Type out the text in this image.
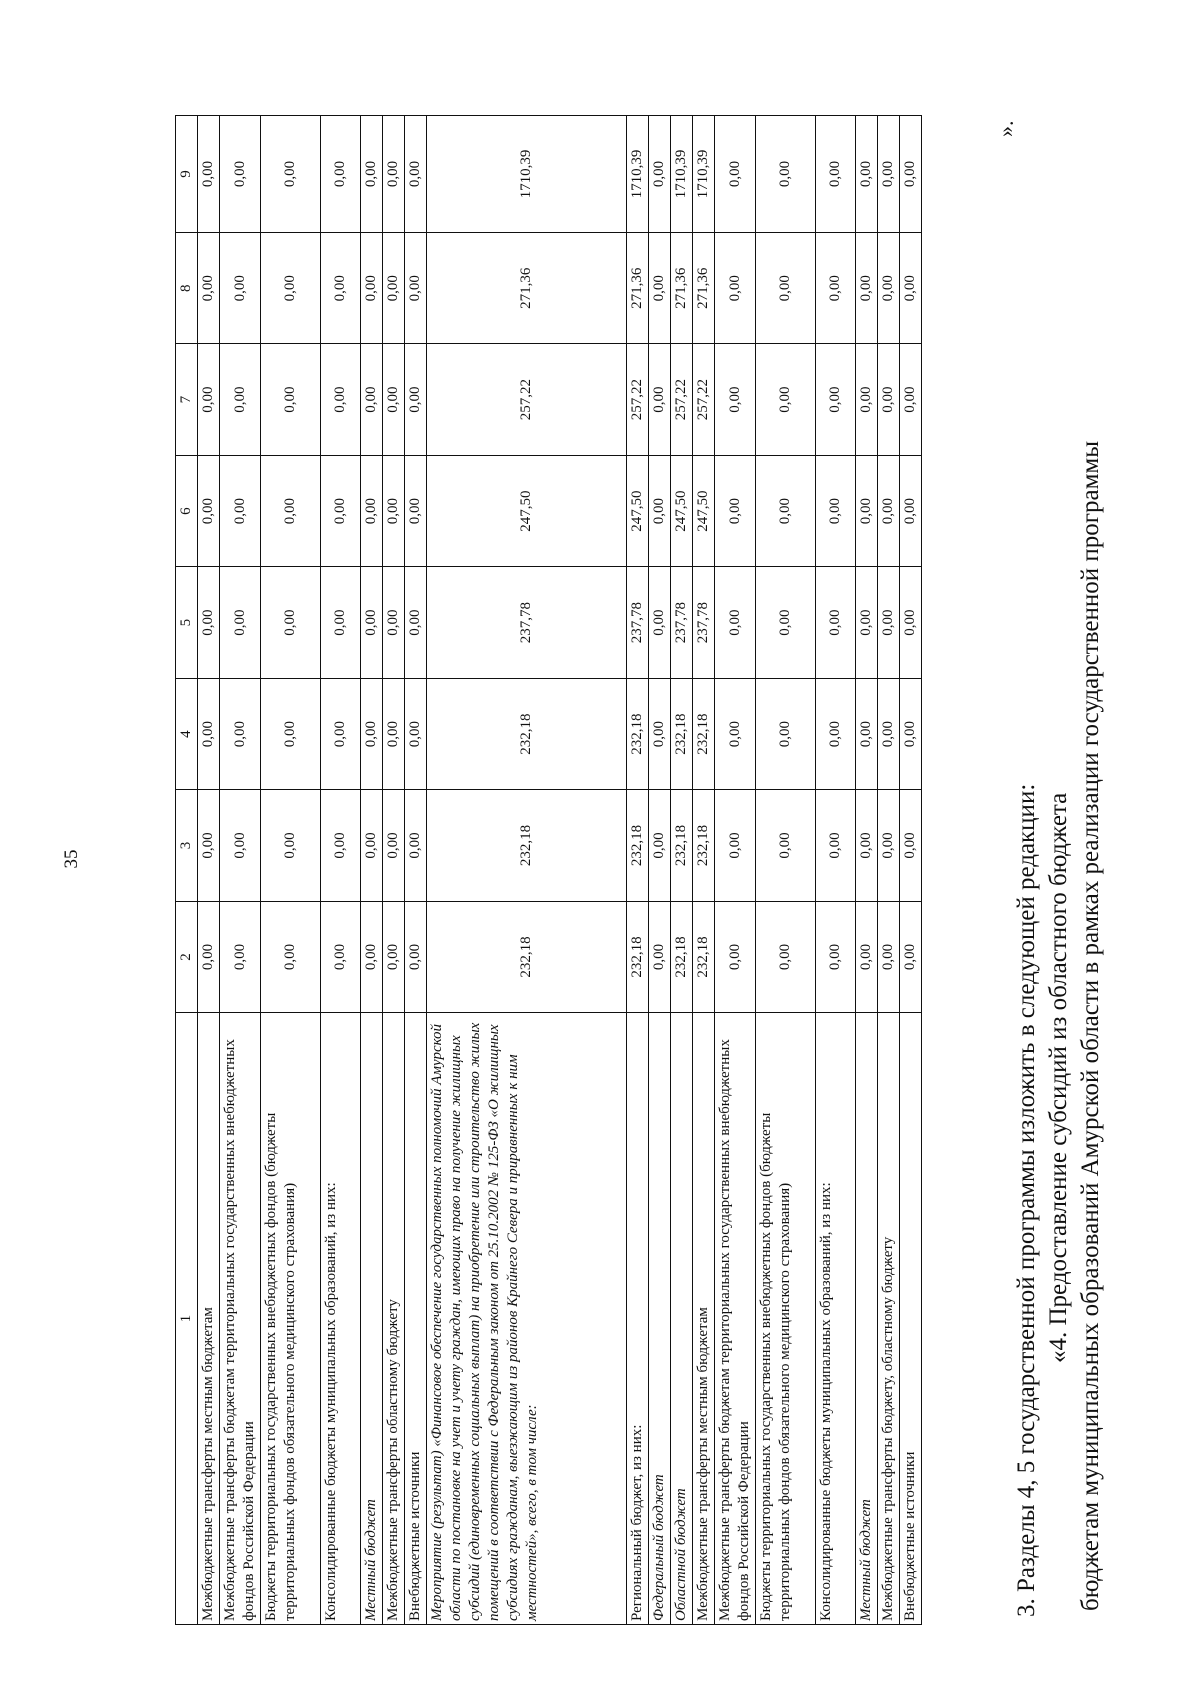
35
1	2	3	4	5	6	7	8	9
Межбюджетные трансферты местным бюджетам	0,00	0,00	0,00	0,00	0,00	0,00	0,00	0,00
Межбюджетные трансферты бюджетам территориальных государственных внебюджетных фондов Российской Федерации	0,00	0,00	0,00	0,00	0,00	0,00	0,00	0,00
Бюджеты территориальных государственных внебюджетных фондов (бюджеты территориальных фондов обязательного медицинского страхования)	0,00	0,00	0,00	0,00	0,00	0,00	0,00	0,00
Консолидированные бюджеты муниципальных образований, из них:	0,00	0,00	0,00	0,00	0,00	0,00	0,00	0,00
Местный бюджет	0,00	0,00	0,00	0,00	0,00	0,00	0,00	0,00
Межбюджетные трансферты областному бюджету	0,00	0,00	0,00	0,00	0,00	0,00	0,00	0,00
Внебюджетные источники	0,00	0,00	0,00	0,00	0,00	0,00	0,00	0,00
Мероприятие (результат) «Финансовое обеспечение государственных полномочий Амурской области по постановке на учет и учету граждан, имеющих право на получение жилищных субсидий (единовременных социальных выплат) на приобретение или строительство жилых помещений в соответствии с Федеральным законом от 25.10.2002 № 125-ФЗ «О жилищных субсидиях гражданам, выезжающим из районов Крайнего Севера и приравненных к ним местностей», всего, в том числе:	232,18	232,18	232,18	237,78	247,50	257,22	271,36	1710,39
Региональный бюджет, из них:	232,18	232,18	232,18	237,78	247,50	257,22	271,36	1710,39
Федеральный бюджет	0,00	0,00	0,00	0,00	0,00	0,00	0,00	0,00
Областной бюджет	232,18	232,18	232,18	237,78	247,50	257,22	271,36	1710,39
Межбюджетные трансферты местным бюджетам	232,18	232,18	232,18	237,78	247,50	257,22	271,36	1710,39
Межбюджетные трансферты бюджетам территориальных государственных внебюджетных фондов Российской Федерации	0,00	0,00	0,00	0,00	0,00	0,00	0,00	0,00
Бюджеты территориальных государственных внебюджетных фондов (бюджеты территориальных фондов обязательного медицинского страхования)	0,00	0,00	0,00	0,00	0,00	0,00	0,00	0,00
Консолидированные бюджеты муниципальных образований, из них:	0,00	0,00	0,00	0,00	0,00	0,00	0,00	0,00
Местный бюджет	0,00	0,00	0,00	0,00	0,00	0,00	0,00	0,00
Межбюджетные трансферты бюджету, областному бюджету	0,00	0,00	0,00	0,00	0,00	0,00	0,00	0,00
Внебюджетные источники	0,00	0,00	0,00	0,00	0,00	0,00	0,00	0,00
».
3. Разделы 4, 5 государственной программы изложить в следующей редакции: «4. Предоставление субсидий из областного бюджета бюджетам муниципальных образований Амурской области в рамках реализации государственной программы
